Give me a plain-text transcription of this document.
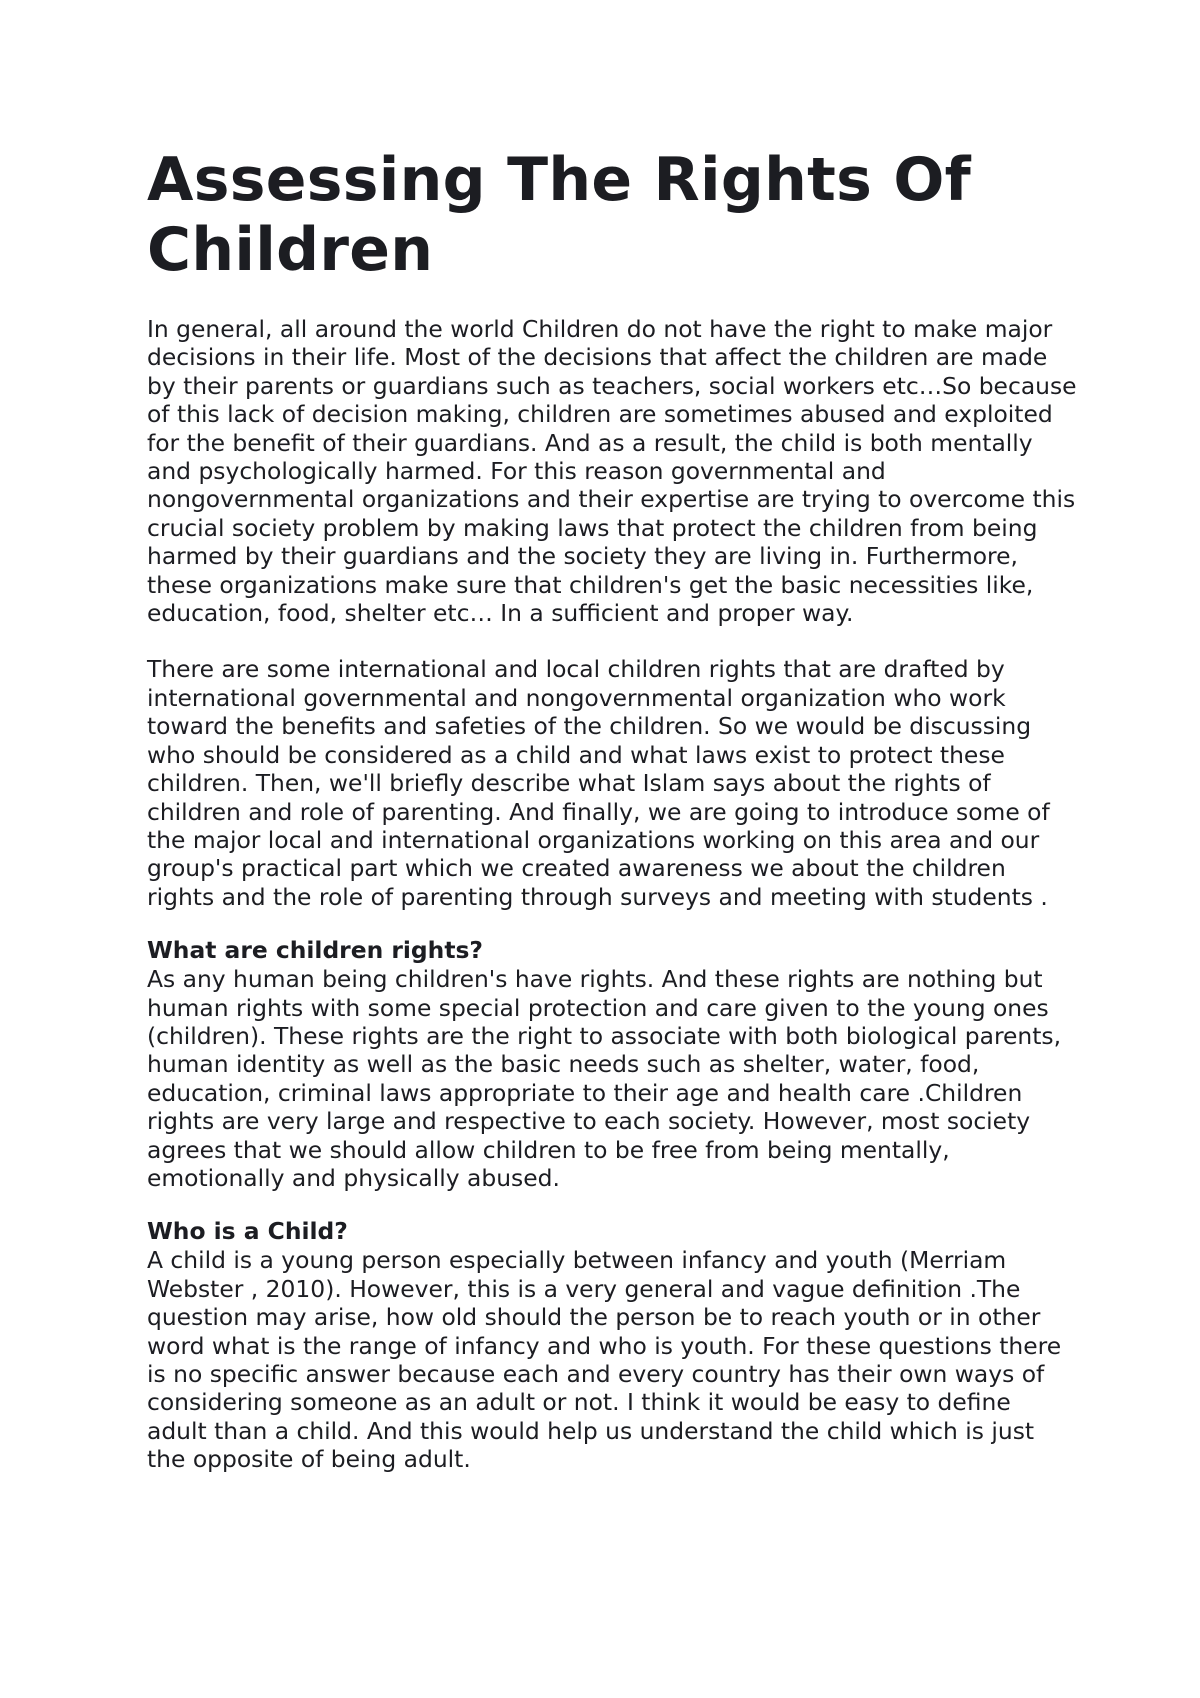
Assessing The Rights Of Children

In general, all around the world Children do not have the right to make major decisions in their life. Most of the decisions that affect the children are made by their parents or guardians such as teachers, social workers etc…So because of this lack of decision making, children are sometimes abused and exploited for the benefit of their guardians. And as a result, the child is both mentally and psychologically harmed. For this reason governmental and nongovernmental organizations and their expertise are trying to overcome this crucial society problem by making laws that protect the children from being harmed by their guardians and the society they are living in. Furthermore, these organizations make sure that children's get the basic necessities like, education, food, shelter etc… In a sufficient and proper way.

There are some international and local children rights that are drafted by international governmental and nongovernmental organization who work toward the benefits and safeties of the children. So we would be discussing who should be considered as a child and what laws exist to protect these children. Then, we'll briefly describe what Islam says about the rights of children and role of parenting. And finally, we are going to introduce some of the major local and international organizations working on this area and our group's practical part which we created awareness we about the children rights and the role of parenting through surveys and meeting with students .

What are children rights?

As any human being children's have rights. And these rights are nothing but human rights with some special protection and care given to the young ones (children). These rights are the right to associate with both biological parents, human identity as well as the basic needs such as shelter, water, food, education, criminal laws appropriate to their age and health care .Children rights are very large and respective to each society. However, most society agrees that we should allow children to be free from being mentally, emotionally and physically abused.

Who is a Child?

A child is a young person especially between infancy and youth (Merriam Webster , 2010). However, this is a very general and vague definition .The question may arise, how old should the person be to reach youth or in other word what is the range of infancy and who is youth. For these questions there is no specific answer because each and every country has their own ways of considering someone as an adult or not. I think it would be easy to define adult than a child. And this would help us understand the child which is just the opposite of being adult.
